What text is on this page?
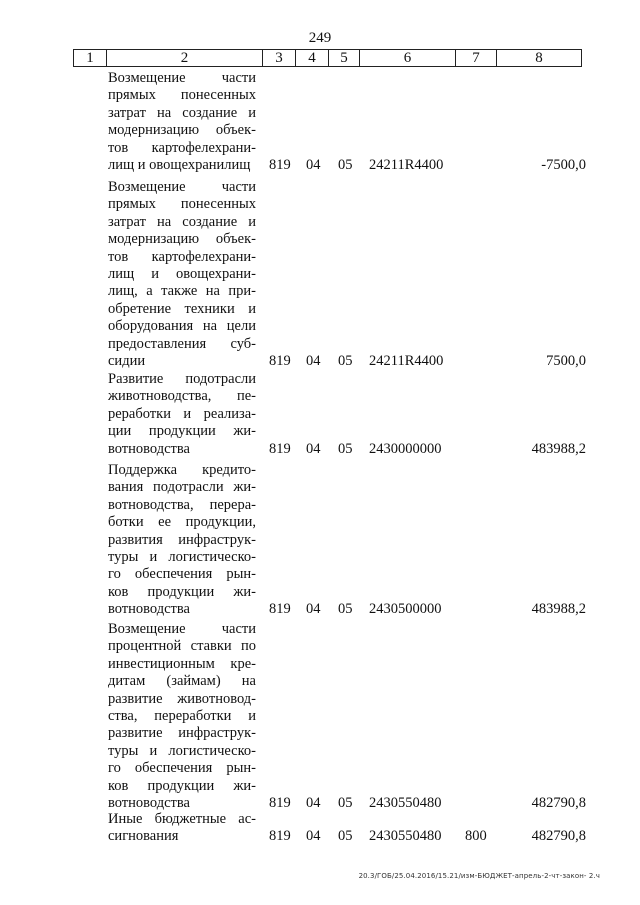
249
1	2	3	4	5	6	7	8
Возмещение части
прямых понесенных
затрат на создание и
модернизацию объек-
тов картофелехрани-
лищ и овощехранилищ	819 04 05 24211R4400	-7500,0
Возмещение части
прямых понесенных
затрат на создание и
модернизацию объек-
тов картофелехрани-
лищ и овощехрани-
лищ, а также на при-
обретение техники и
оборудования на цели
предоставления суб-
сидии	819 04 05 24211R4400	7500,0
Развитие подотрасли
животноводства, пе-
реработки и реализа-
ции продукции жи-
вотноводства	819 04 05 2430000000	483988,2
Поддержка кредито-
вания подотрасли жи-
вотноводства, перера-
ботки ее продукции,
развития инфраструк-
туры и логистическо-
го обеспечения рын-
ков продукции жи-
вотноводства	819 04 05 2430500000	483988,2
Возмещение части
процентной ставки по
инвестиционным кре-
дитам (займам) на
развитие животновод-
ства, переработки и
развитие инфраструк-
туры и логистическо-
го обеспечения рын-
ков продукции жи-
вотноводства	819 04 05 2430550480	482790,8
Иные бюджетные ас-
сигнования	819 04 05 2430550480 800	482790,8
20.3/ГОБ/25.04.2016/15.21/изм-БЮДЖЕТ-апрель-2-чт-закон- 2.ч
